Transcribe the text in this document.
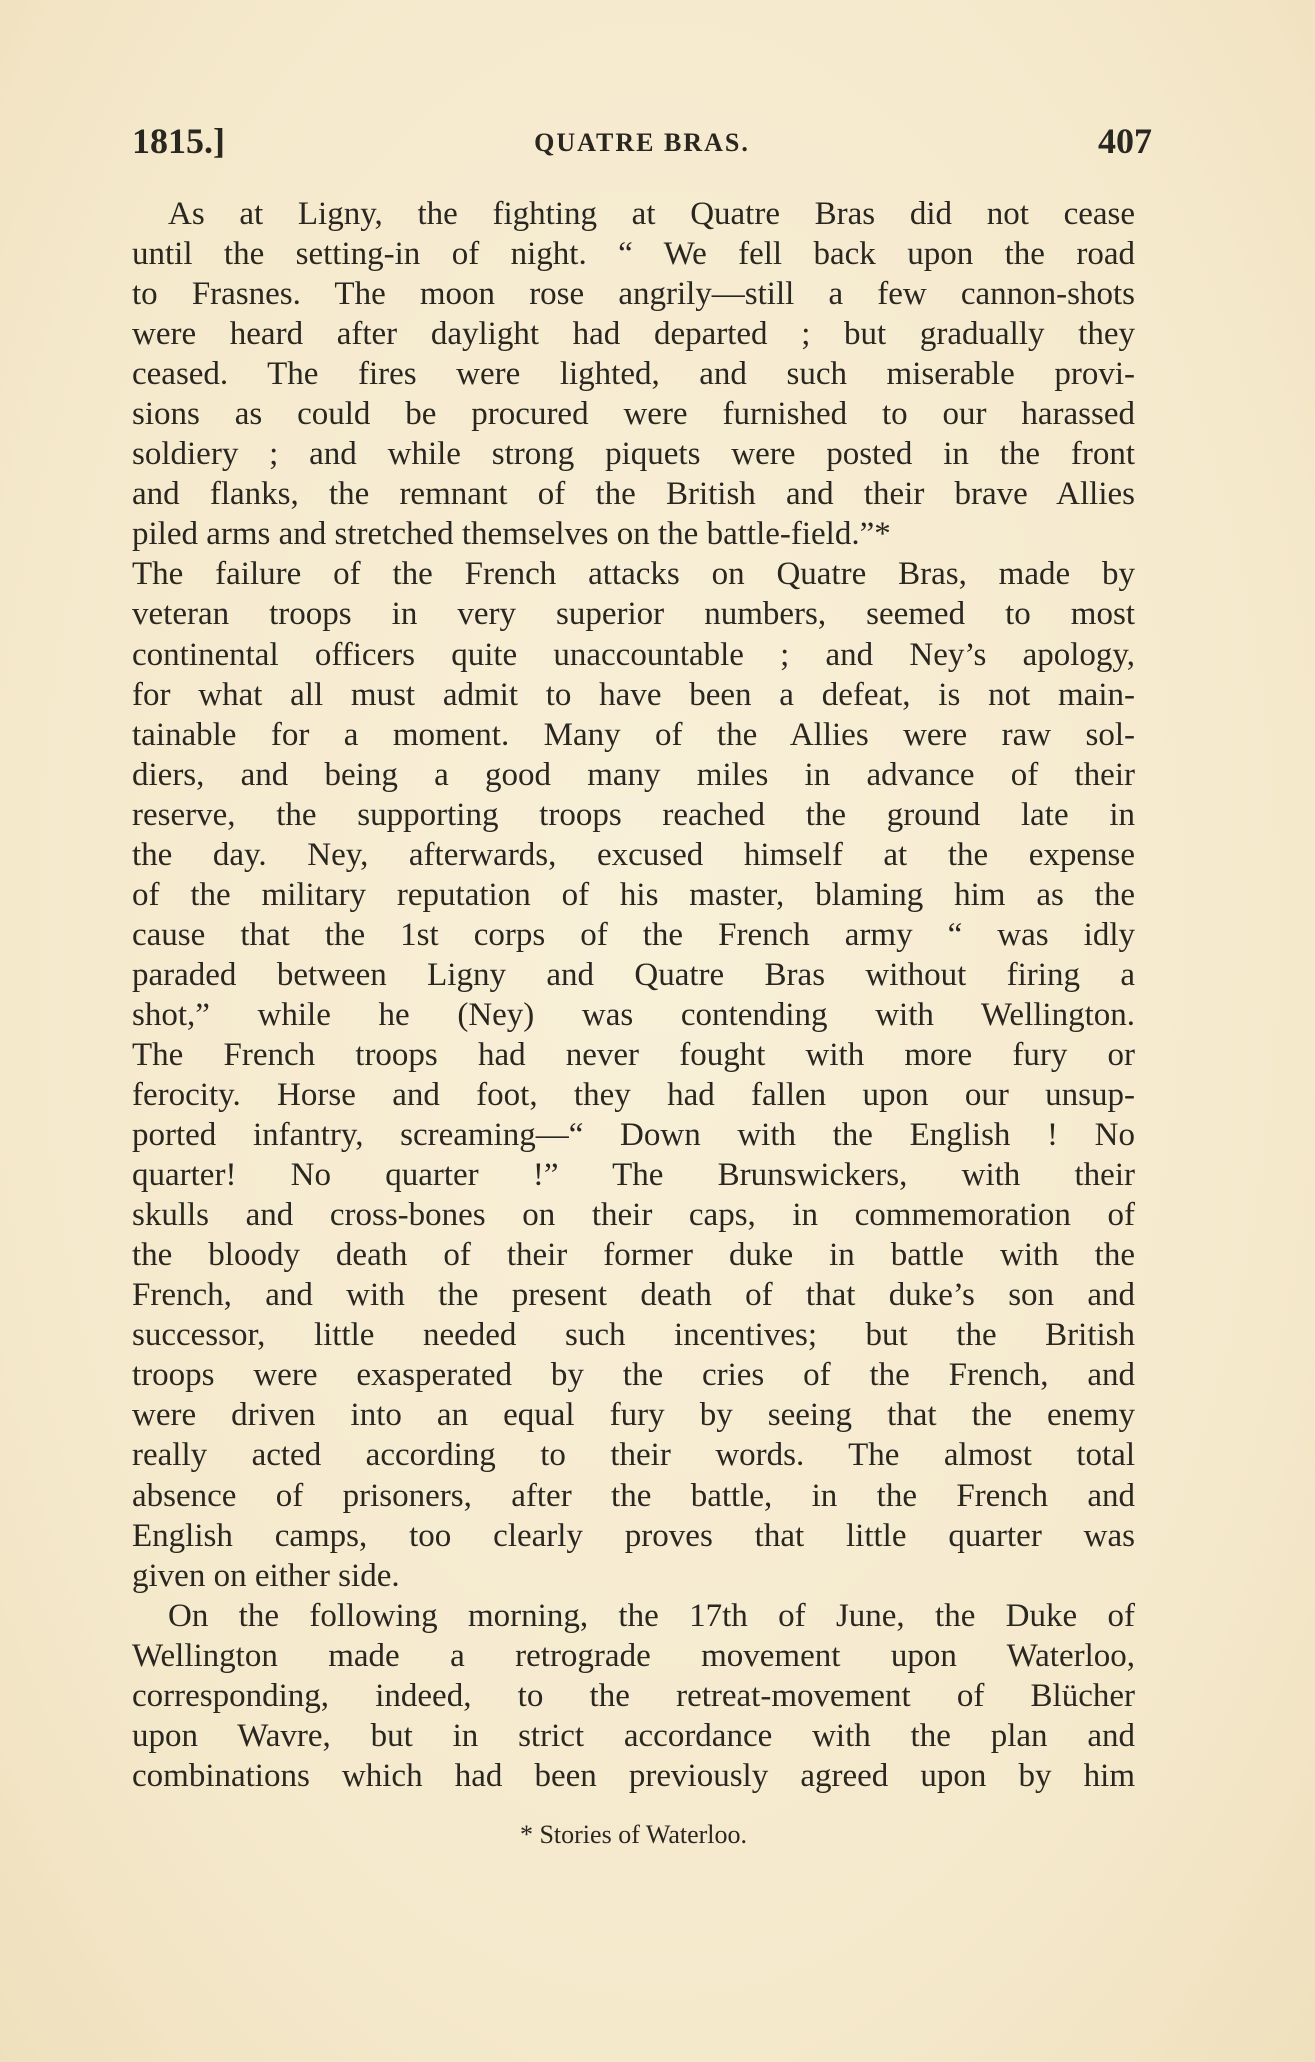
1815.]	QUATRE BRAS.	407
As at Ligny, the fighting at Quatre Bras did not cease
until the setting-in of night. “ We fell back upon the road
to Frasnes. The moon rose angrily—still a few cannon-shots
were heard after daylight had departed ; but gradually they
ceased. The fires were lighted, and such miserable provi-
sions as could be procured were furnished to our harassed
soldiery ; and while strong piquets were posted in the front
and flanks, the remnant of the British and their brave Allies
piled arms and stretched themselves on the battle-field.”*
The failure of the French attacks on Quatre Bras, made by
veteran troops in very superior numbers, seemed to most
continental officers quite unaccountable ; and Ney’s apology,
for what all must admit to have been a defeat, is not main-
tainable for a moment. Many of the Allies were raw sol-
diers, and being a good many miles in advance of their
reserve, the supporting troops reached the ground late in
the day. Ney, afterwards, excused himself at the expense
of the military reputation of his master, blaming him as the
cause that the 1st corps of the French army “ was idly
paraded between Ligny and Quatre Bras without firing a
shot,” while he (Ney) was contending with Wellington.
The French troops had never fought with more fury or
ferocity. Horse and foot, they had fallen upon our unsup-
ported infantry, screaming—“ Down with the English ! No
quarter! No quarter !” The Brunswickers, with their
skulls and cross-bones on their caps, in commemoration of
the bloody death of their former duke in battle with the
French, and with the present death of that duke’s son and
successor, little needed such incentives; but the British
troops were exasperated by the cries of the French, and
were driven into an equal fury by seeing that the enemy
really acted according to their words. The almost total
absence of prisoners, after the battle, in the French and
English camps, too clearly proves that little quarter was
given on either side.
On the following morning, the 17th of June, the Duke of
Wellington made a retrograde movement upon Waterloo,
corresponding, indeed, to the retreat-movement of Blücher
upon Wavre, but in strict accordance with the plan and
combinations which had been previously agreed upon by him
* Stories of Waterloo.
